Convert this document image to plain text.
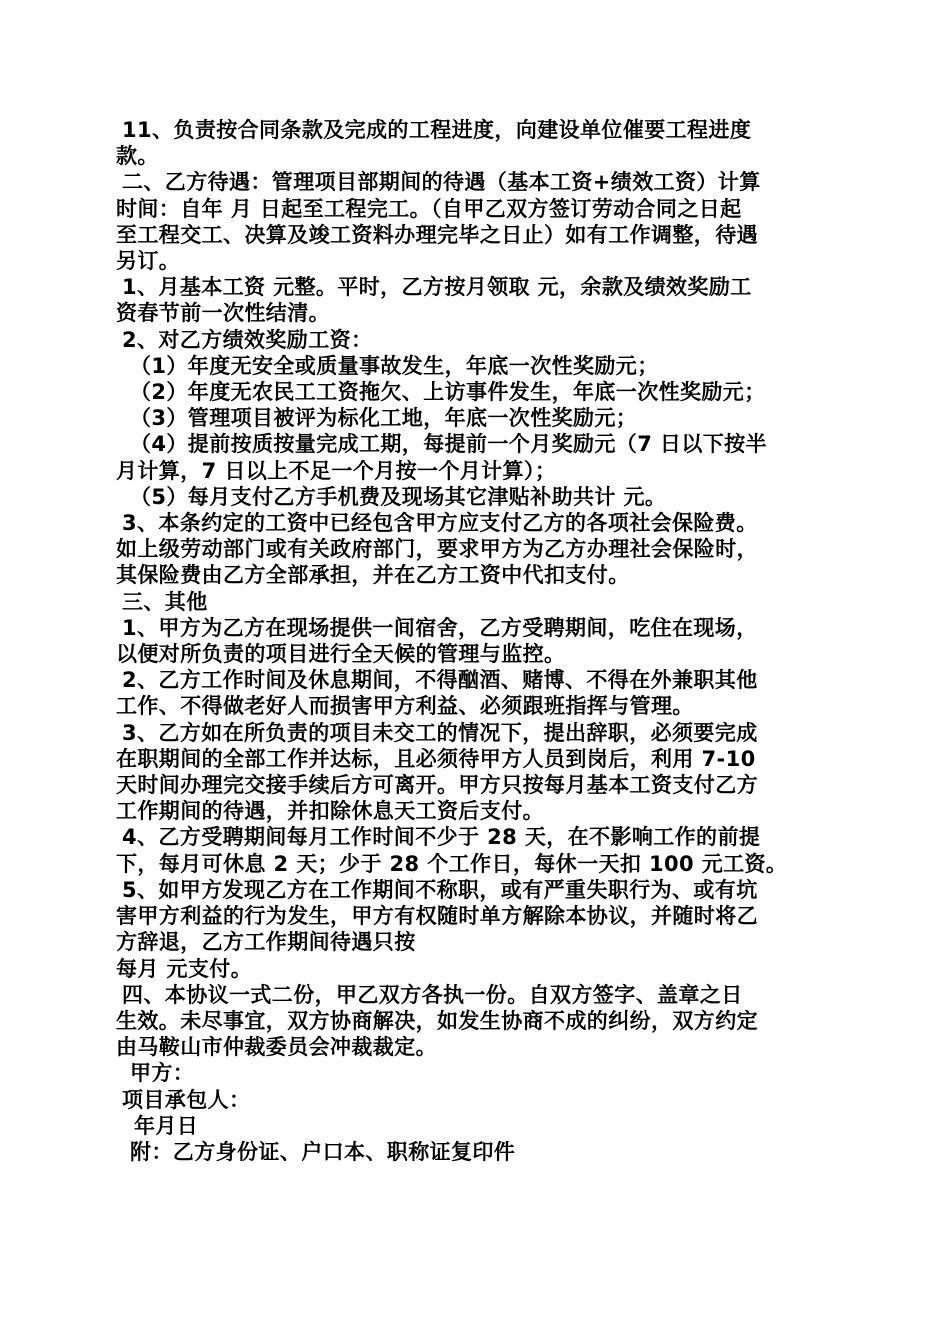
11、负责按合同条款及完成的工程进度，向建设单位催要工程进度
款。
二、乙方待遇：管理项目部期间的待遇（基本工资+绩效工资）计算
时间：自年 月 日起至工程完工。（自甲乙双方签订劳动合同之日起
至工程交工、决算及竣工资料办理完毕之日止）如有工作调整，待遇
另订。
1、月基本工资 元整。平时，乙方按月领取 元，余款及绩效奖励工
资春节前一次性结清。
2、对乙方绩效奖励工资：
（1）年度无安全或质量事故发生，年底一次性奖励元；
（2）年度无农民工工资拖欠、上访事件发生，年底一次性奖励元；
（3）管理项目被评为标化工地，年底一次性奖励元；
（4）提前按质按量完成工期，每提前一个月奖励元（7 日以下按半
月计算，7 日以上不足一个月按一个月计算）；
（5）每月支付乙方手机费及现场其它津贴补助共计 元。
3、本条约定的工资中已经包含甲方应支付乙方的各项社会保险费。
如上级劳动部门或有关政府部门，要求甲方为乙方办理社会保险时，
其保险费由乙方全部承担，并在乙方工资中代扣支付。
三、其他
1、甲方为乙方在现场提供一间宿舍，乙方受聘期间，吃住在现场，
以便对所负责的项目进行全天候的管理与监控。
2、乙方工作时间及休息期间，不得酗酒、赌博、不得在外兼职其他
工作、不得做老好人而损害甲方利益、必须跟班指挥与管理。
3、乙方如在所负责的项目未交工的情况下，提出辞职，必须要完成
在职期间的全部工作并达标，且必须待甲方人员到岗后，利用 7-10
天时间办理完交接手续后方可离开。甲方只按每月基本工资支付乙方
工作期间的待遇，并扣除休息天工资后支付。
4、乙方受聘期间每月工作时间不少于 28 天，在不影响工作的前提
下，每月可休息 2 天；少于 28 个工作日，每休一天扣 100 元工资。
5、如甲方发现乙方在工作期间不称职，或有严重失职行为、或有坑
害甲方利益的行为发生，甲方有权随时单方解除本协议，并随时将乙
方辞退，乙方工作期间待遇只按
每月 元支付。
四、本协议一式二份，甲乙双方各执一份。自双方签字、盖章之日
生效。未尽事宜，双方协商解决，如发生协商不成的纠纷，双方约定
由马鞍山市仲裁委员会冲裁裁定。
甲方：
项目承包人：
年月日
附：乙方身份证、户口本、职称证复印件
